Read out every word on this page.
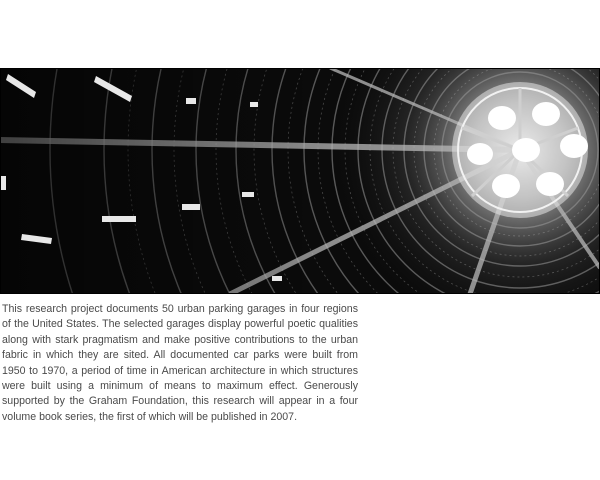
This research project documents 50 urban parking garages in four regions of the United States. The selected garages display powerful poetic qualities along with stark pragmatism and make positive contributions to the urban fabric in which they are sited. All documented car parks were built from 1950 to 1970, a period of time in American architecture in which structures were built using a minimum of means to maximum effect. Generously supported by the Graham Foundation, this research will appear in a four volume book series, the first of which will be published in 2007.
